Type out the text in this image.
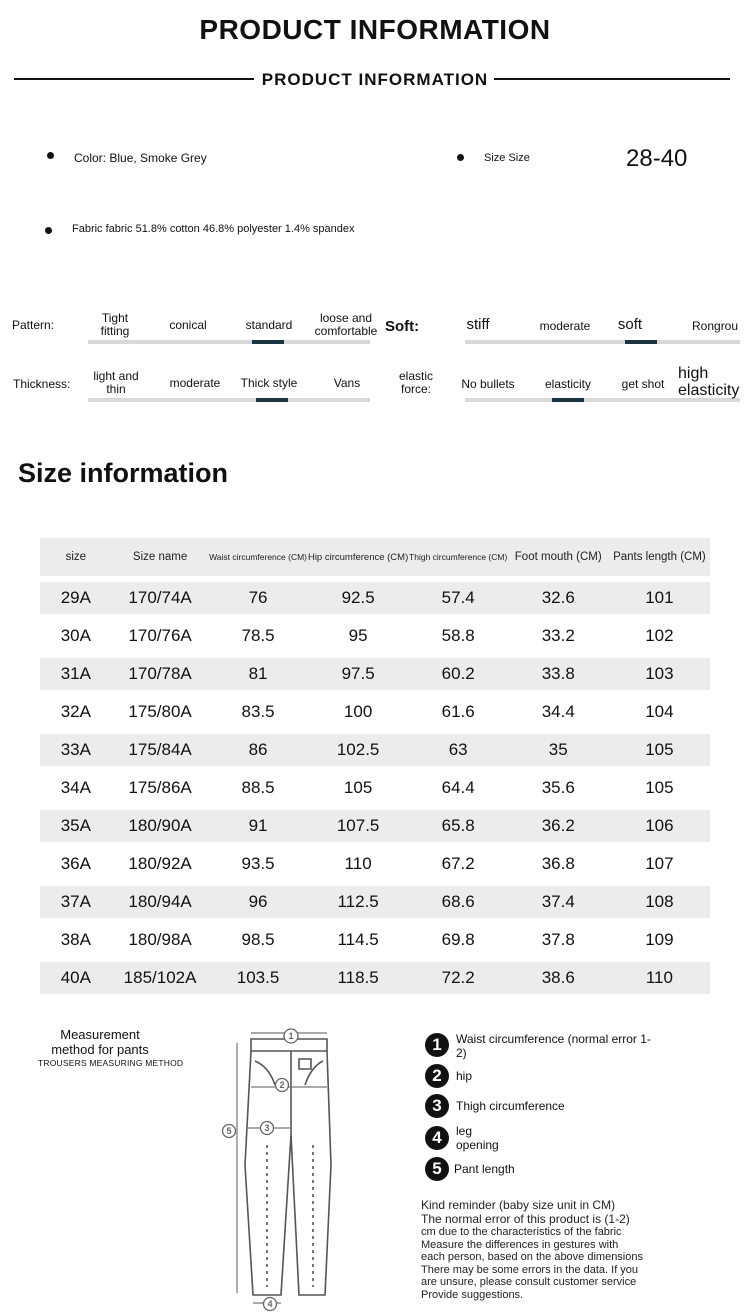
PRODUCT INFORMATION
PRODUCT INFORMATION
Color: Blue, Smoke Grey	Size Size	28-40
Fabric fabric 51.8% cotton 46.8% polyester 1.4% spandex
Pattern:	Tight fitting	conical	standard	loose and comfortable Soft:	stiff	moderate	soft	Rongrou
Thickness:
light and thin	moderate	Thick style	Vans	elastic force:	No bullets	elasticity	get shot
high elasticity
Size information
size	Size name	Waist circumference (CM)	Hip circumference (CM)	Thigh circumference (CM)	Foot mouth (CM)	Pants length (CM)
29A	170/74A	76	92.5	57.4	32.6	101
30A	170/76A	78.5	95	58.8	33.2	102
31A	170/78A	81	97.5	60.2	33.8	103
32A	175/80A	83.5	100	61.6	34.4	104
33A	175/84A	86	102.5	63	35	105
34A	175/86A	88.5	105	64.4	35.6	105
35A	180/90A	91	107.5	65.8	36.2	106
36A	180/92A	93.5	110	67.2	36.8	107
37A	180/94A	96	112.5	68.6	37.4	108
38A	180/98A	98.5	114.5	69.8	37.8	109
40A	185/102A	103.5	118.5	72.2	38.6	110
Measurement method for pants
TROUSERS MEASURING METHOD
1
2
3
4
5
1	Waist circumference (normal error 1-2)
2	hip
3	Thigh circumference
4	leg opening
5	Pant length
Kind reminder (baby size unit in CM)
The normal error of this product is (1-2)
cm due to the characteristics of the fabric
Measure the differences in gestures with
each person, based on the above dimensions
There may be some errors in the data. If you
are unsure, please consult customer service
Provide suggestions.
